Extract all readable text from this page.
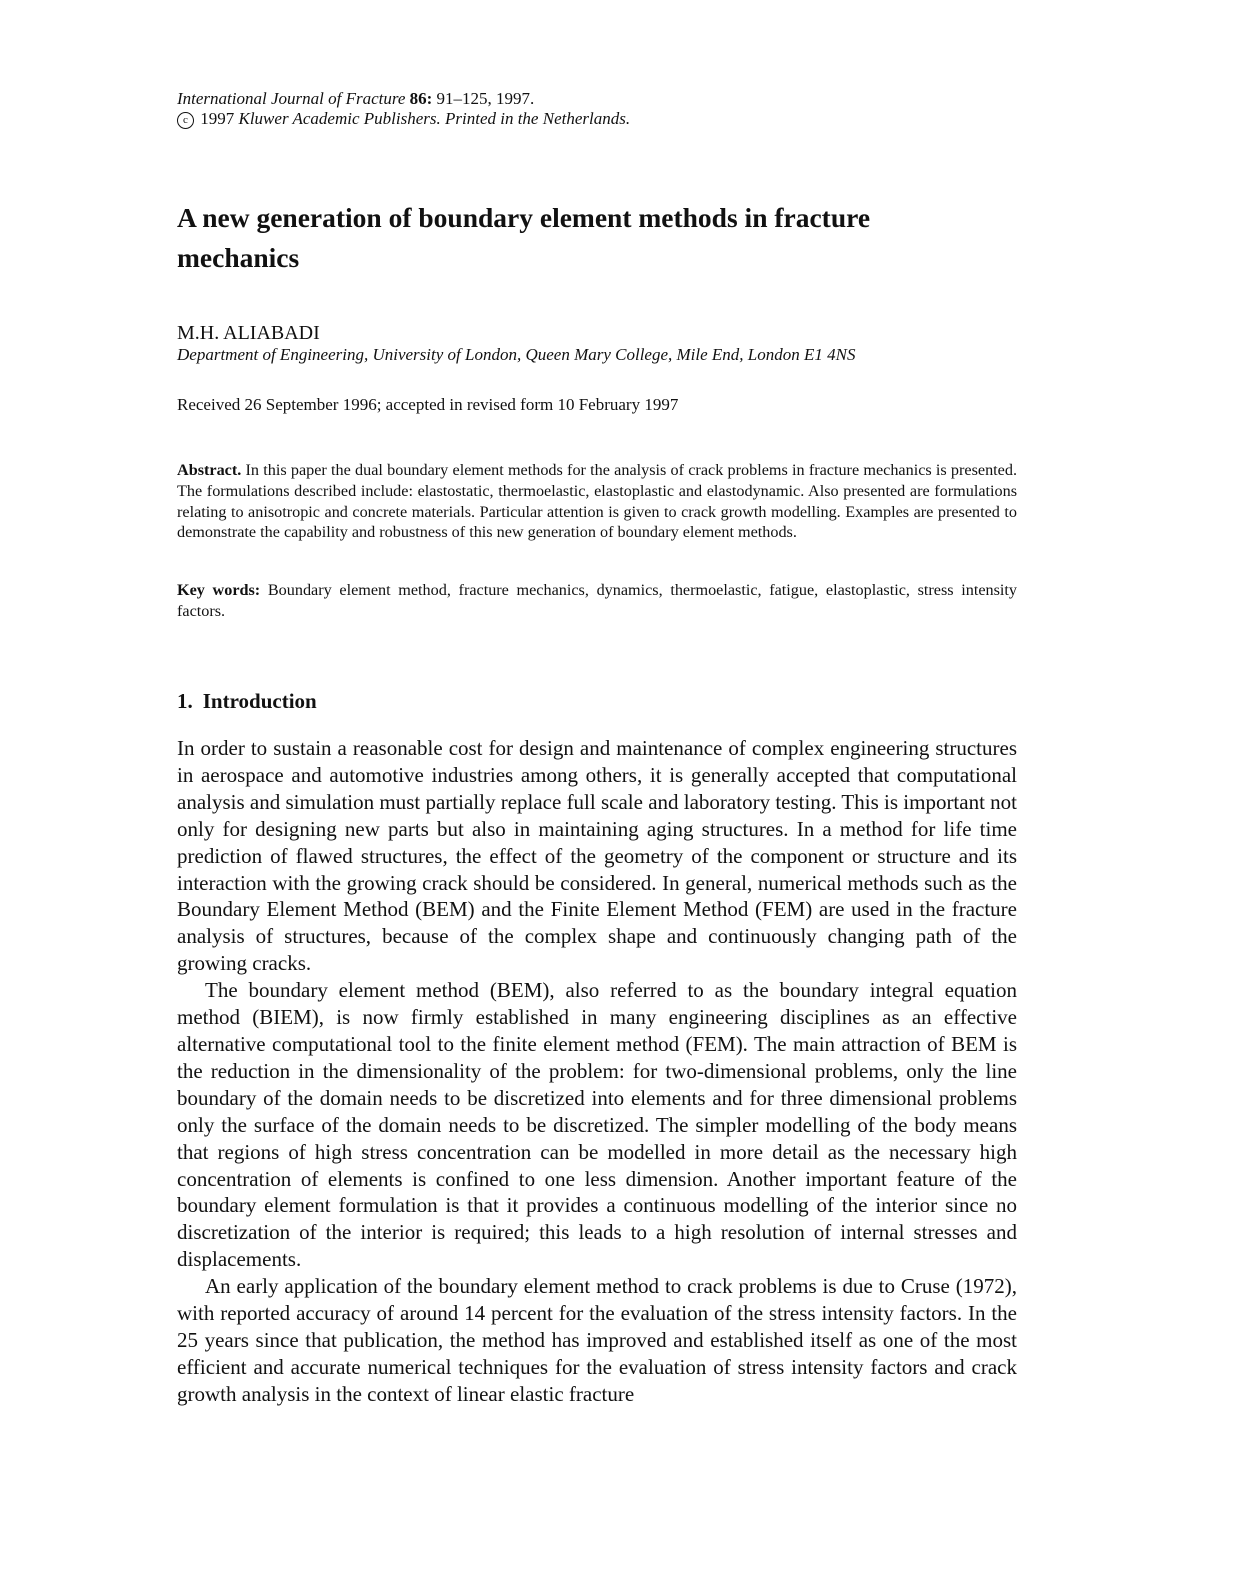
International Journal of Fracture 86: 91–125, 1997.
c 1997 Kluwer Academic Publishers. Printed in the Netherlands.
A new generation of boundary element methods in fracture mechanics
M.H. ALIABADI
Department of Engineering, University of London, Queen Mary College, Mile End, London E1 4NS
Received 26 September 1996; accepted in revised form 10 February 1997

Abstract. In this paper the dual boundary element methods for the analysis of crack problems in fracture mechanics is presented. The formulations described include: elastostatic, thermoelastic, elastoplastic and elastodynamic. Also presented are formulations relating to anisotropic and concrete materials. Particular attention is given to crack growth modelling. Examples are presented to demonstrate the capability and robustness of this new generation of boundary element methods.

Key words: Boundary element method, fracture mechanics, dynamics, thermoelastic, fatigue, elastoplastic, stress intensity factors.

1. Introduction

In order to sustain a reasonable cost for design and maintenance of complex engineering structures in aerospace and automotive industries among others, it is generally accepted that computational analysis and simulation must partially replace full scale and laboratory testing. This is important not only for designing new parts but also in maintaining aging structures. In a method for life time prediction of flawed structures, the effect of the geometry of the component or structure and its interaction with the growing crack should be considered. In general, numerical methods such as the Boundary Element Method (BEM) and the Finite Element Method (FEM) are used in the fracture analysis of structures, because of the complex shape and continuously changing path of the growing cracks.

The boundary element method (BEM), also referred to as the boundary integral equation method (BIEM), is now firmly established in many engineering disciplines as an effective alternative computational tool to the finite element method (FEM). The main attraction of BEM is the reduction in the dimensionality of the problem: for two-dimensional problems, only the line boundary of the domain needs to be discretized into elements and for three dimensional problems only the surface of the domain needs to be discretized. The simpler modelling of the body means that regions of high stress concentration can be modelled in more detail as the necessary high concentration of elements is confined to one less dimension. Another important feature of the boundary element formulation is that it provides a continuous modelling of the interior since no discretization of the interior is required; this leads to a high resolution of internal stresses and displacements.

An early application of the boundary element method to crack problems is due to Cruse (1972), with reported accuracy of around 14 percent for the evaluation of the stress intensity factors. In the 25 years since that publication, the method has improved and established itself as one of the most efficient and accurate numerical techniques for the evaluation of stress intensity factors and crack growth analysis in the context of linear elastic fracture
